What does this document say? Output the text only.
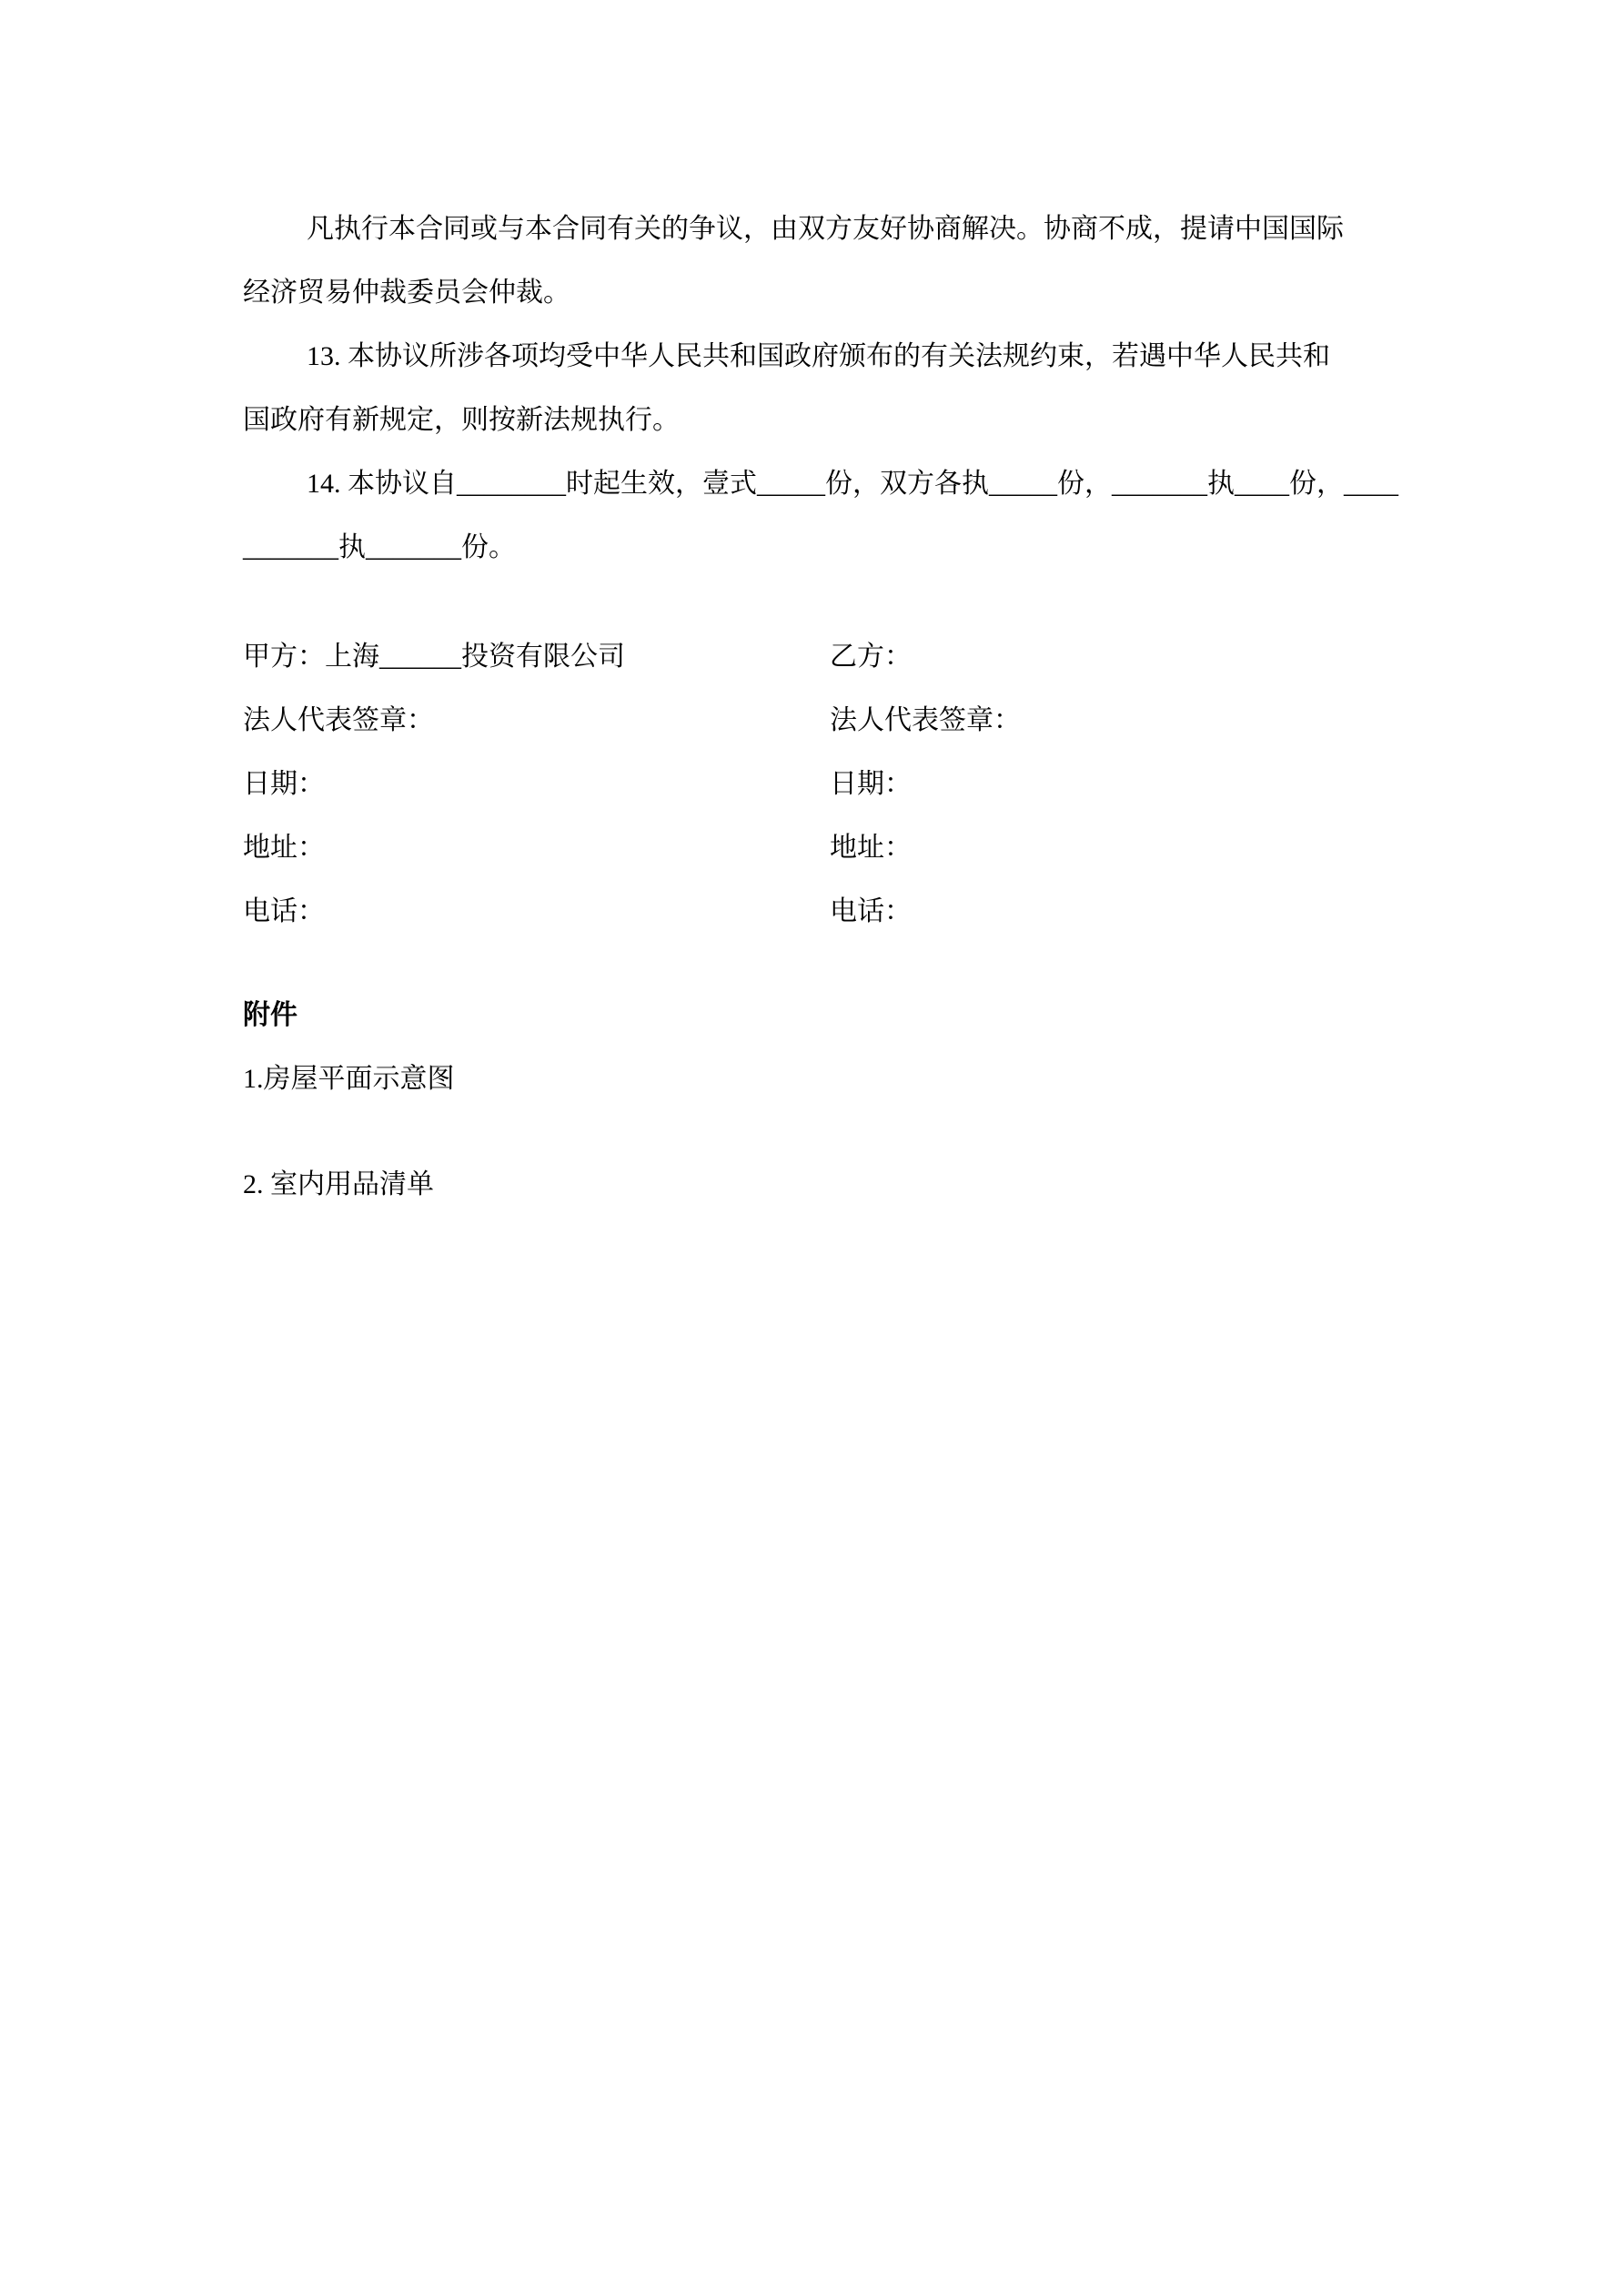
凡执行本合同或与本合同有关的争议，由双方友好协商解决。协商不成，提请中国国际
经济贸易仲裁委员会仲裁。
13. 本协议所涉各项均受中华人民共和国政府颁布的有关法规约束，若遇中华人民共和
国政府有新规定，则按新法规执行。
14. 本协议自________时起生效，壹式_____份，双方各执_____份，_______执____份，____
_______执_______份。
甲方：上海______投资有限公司	乙方：
法人代表签章：	法人代表签章：
日期：	日期：
地址：	地址：
电话：	电话：
附件
1.房屋平面示意图
2. 室内用品清单
